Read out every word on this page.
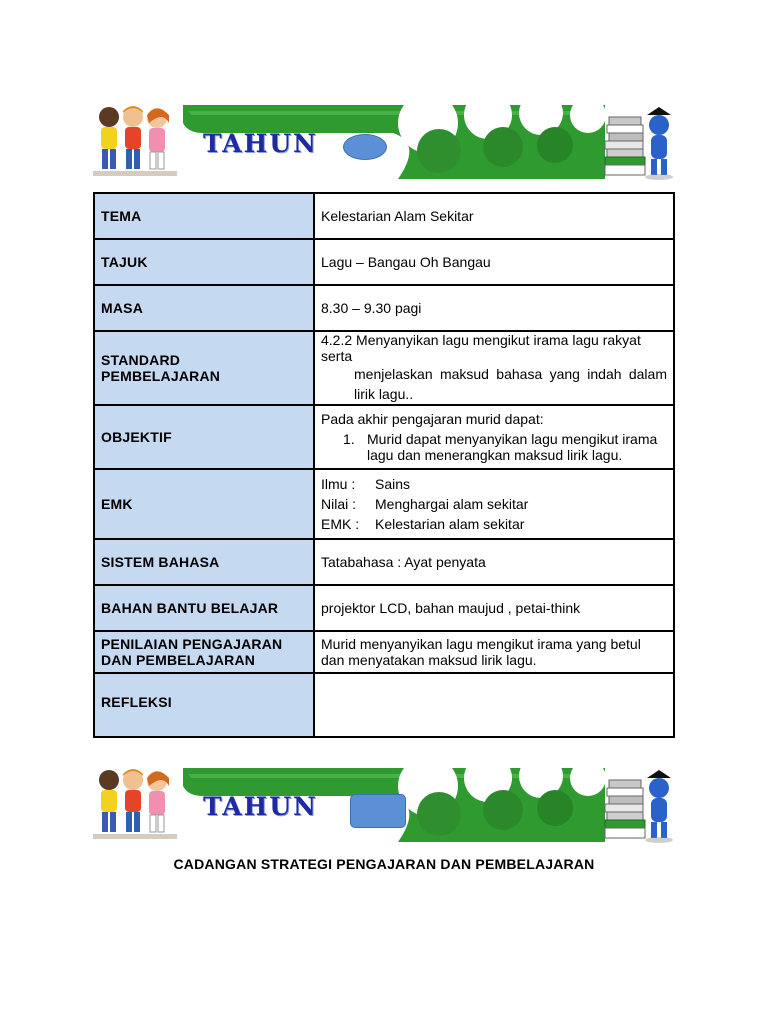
TAHUN
TEMA	Kelestarian Alam Sekitar
TAJUK	Lagu – Bangau Oh Bangau
MASA	8.30 – 9.30 pagi

STANDARD
PEMBELAJARAN	4.2.2 Menyanyikan lagu mengikut irama lagu rakyat serta
menjelaskan maksud bahasa yang indah dalam lirik lagu..

OBJEKTIF	Pada akhir pengajaran murid dapat:
1. Murid dapat menyanyikan lagu mengikut irama lagu dan menerangkan maksud lirik lagu.

EMK	Ilmu : Sains
Nilai : Menghargai alam sekitar
EMK : Kelestarian alam sekitar

SISTEM BAHASA	Tatabahasa : Ayat penyata
BAHAN BANTU BELAJAR	projektor LCD, bahan maujud , petai-think

PENILAIAN PENGAJARAN
DAN PEMBELAJARAN	Murid menyanyikan lagu mengikut irama yang betul dan menyatakan maksud lirik lagu.
REFLEKSI	
TAHUN
CADANGAN STRATEGI PENGAJARAN DAN PEMBELAJARAN
